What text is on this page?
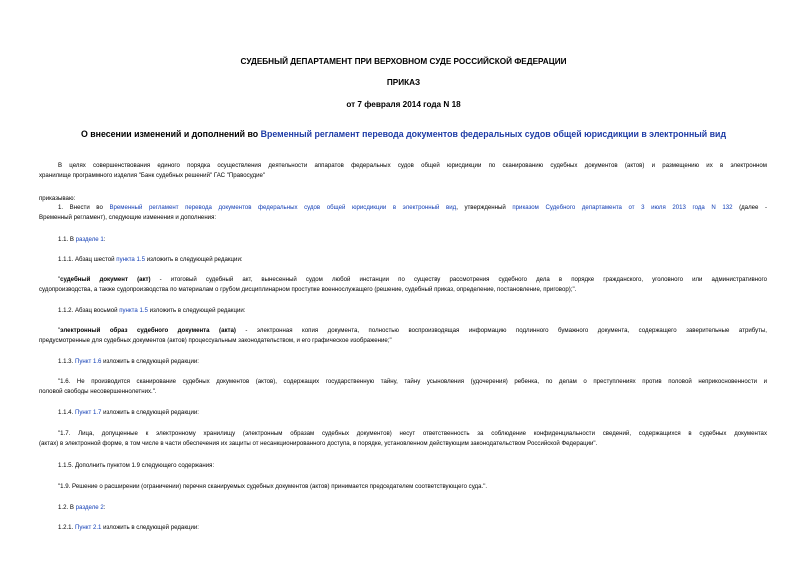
СУДЕБНЫЙ ДЕПАРТАМЕНТ ПРИ ВЕРХОВНОМ СУДЕ РОССИЙСКОЙ ФЕДЕРАЦИИ
ПРИКАЗ
от 7 февраля 2014 года N 18
О внесении изменений и дополнений во Временный регламент перевода документов федеральных судов общей юрисдикции в электронный вид
В целях совершенствования единого порядка осуществления деятельности аппаратов федеральных судов общей юрисдикции по сканированию судебных документов (актов) и размещению их в электронном
хранилище программного изделия "Банк судебных решений" ГАС "Правосудие"
приказываю:
1. Внести во Временный регламент перевода документов федеральных судов общей юрисдикции в электронный вид, утвержденный приказом Судебного департамента от 3 июля 2013 года N 132 (далее -
Временный регламент), следующие изменения и дополнения:
1.1. В разделе 1:
1.1.1. Абзац шестой пункта 1.5 изложить в следующей редакции:
"судебный документ (акт) - итоговый судебный акт, вынесенный судом любой инстанции по существу рассмотрения судебного дела в порядке гражданского, уголовного или административного
судопроизводства, а также судопроизводства по материалам о грубом дисциплинарном проступке военнослужащего (решение, судебный приказ, определение, постановление, приговор);".
1.1.2. Абзац восьмой пункта 1.5 изложить в следующей редакции:
"электронный образ судебного документа (акта) - электронная копия документа, полностью воспроизводящая информацию подлинного бумажного документа, содержащего заверительные атрибуты,
предусмотренные для судебных документов (актов) процессуальным законодательством, и его графическое изображение;"
1.1.3. Пункт 1.6 изложить в следующей редакции:
"1.6. Не производится сканирование судебных документов (актов), содержащих государственную тайну, тайну усыновления (удочерения) ребенка, по делам о преступлениях против половой неприкосновенности и
половой свободы несовершеннолетних.".
1.1.4. Пункт 1.7 изложить в следующей редакции:
"1.7. Лица, допущенные к электронному хранилищу (электронным образам судебных документов) несут ответственность за соблюдение конфиденциальности сведений, содержащихся в судебных документах
(актах) в электронной форме, в том числе в части обеспечения их защиты от несанкционированного доступа, в порядке, установленном действующим законодательством Российской Федерации".
1.1.5. Дополнить пунктом 1.9 следующего содержания:
"1.9. Решение о расширении (ограничении) перечня сканируемых судебных документов (актов) принимается председателем соответствующего суда.".
1.2. В разделе 2:
1.2.1. Пункт 2.1 изложить в следующей редакции:
